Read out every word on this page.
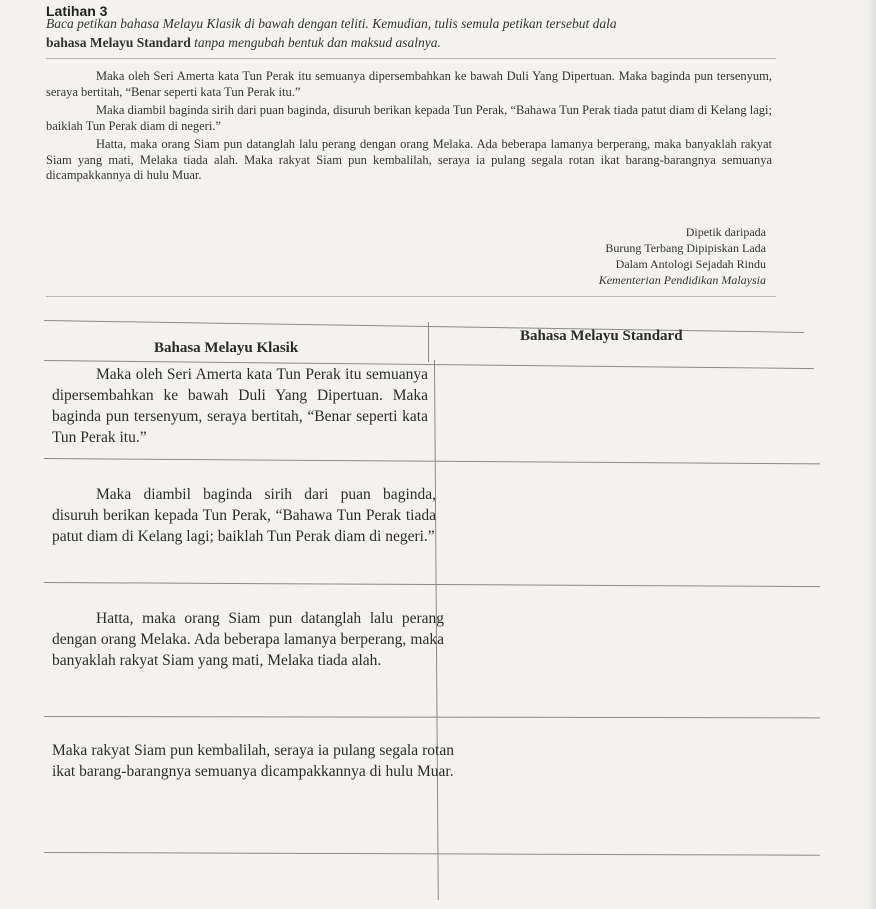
Latihan 3
Baca petikan bahasa Melayu Klasik di bawah dengan teliti. Kemudian, tulis semula petikan tersebut dala
bahasa Melayu Standard tanpa mengubah bentuk dan maksud asalnya.

Maka oleh Seri Amerta kata Tun Perak itu semuanya dipersembahkan ke bawah Duli Yang Dipertuan. Maka baginda pun tersenyum, seraya bertitah, “Benar seperti kata Tun Perak itu.”

Maka diambil baginda sirih dari puan baginda, disuruh berikan kepada Tun Perak, “Bahawa Tun Perak tiada patut diam di Kelang lagi; baiklah Tun Perak diam di negeri.”

Hatta, maka orang Siam pun datanglah lalu perang dengan orang Melaka. Ada beberapa lamanya berperang, maka banyaklah rakyat Siam yang mati, Melaka tiada alah. Maka rakyat Siam pun kembalilah, seraya ia pulang segala rotan ikat barang-barangnya semuanya dicampakkannya di hulu Muar.

Dipetik daripada
Burung Terbang Dipipiskan Lada
Dalam Antologi Sejadah Rindu
Kementerian Pendidikan Malaysia
Bahasa Melayu Klasik
Bahasa Melayu Standard
Maka oleh Seri Amerta kata Tun Perak itu semuanya dipersembahkan ke bawah Duli Yang Dipertuan. Maka baginda pun tersenyum, seraya bertitah, “Benar seperti kata Tun Perak itu.”
Maka diambil baginda sirih dari puan baginda, disuruh berikan kepada Tun Perak, “Bahawa Tun Perak tiada patut diam di Kelang lagi; baiklah Tun Perak diam di negeri.”
Hatta, maka orang Siam pun datanglah lalu perang dengan orang Melaka. Ada beberapa lamanya berperang, maka banyaklah rakyat Siam yang mati, Melaka tiada alah.
Maka rakyat Siam pun kembalilah, seraya ia pulang segala rotan ikat barang-barangnya semuanya dicampakkannya di hulu Muar.
